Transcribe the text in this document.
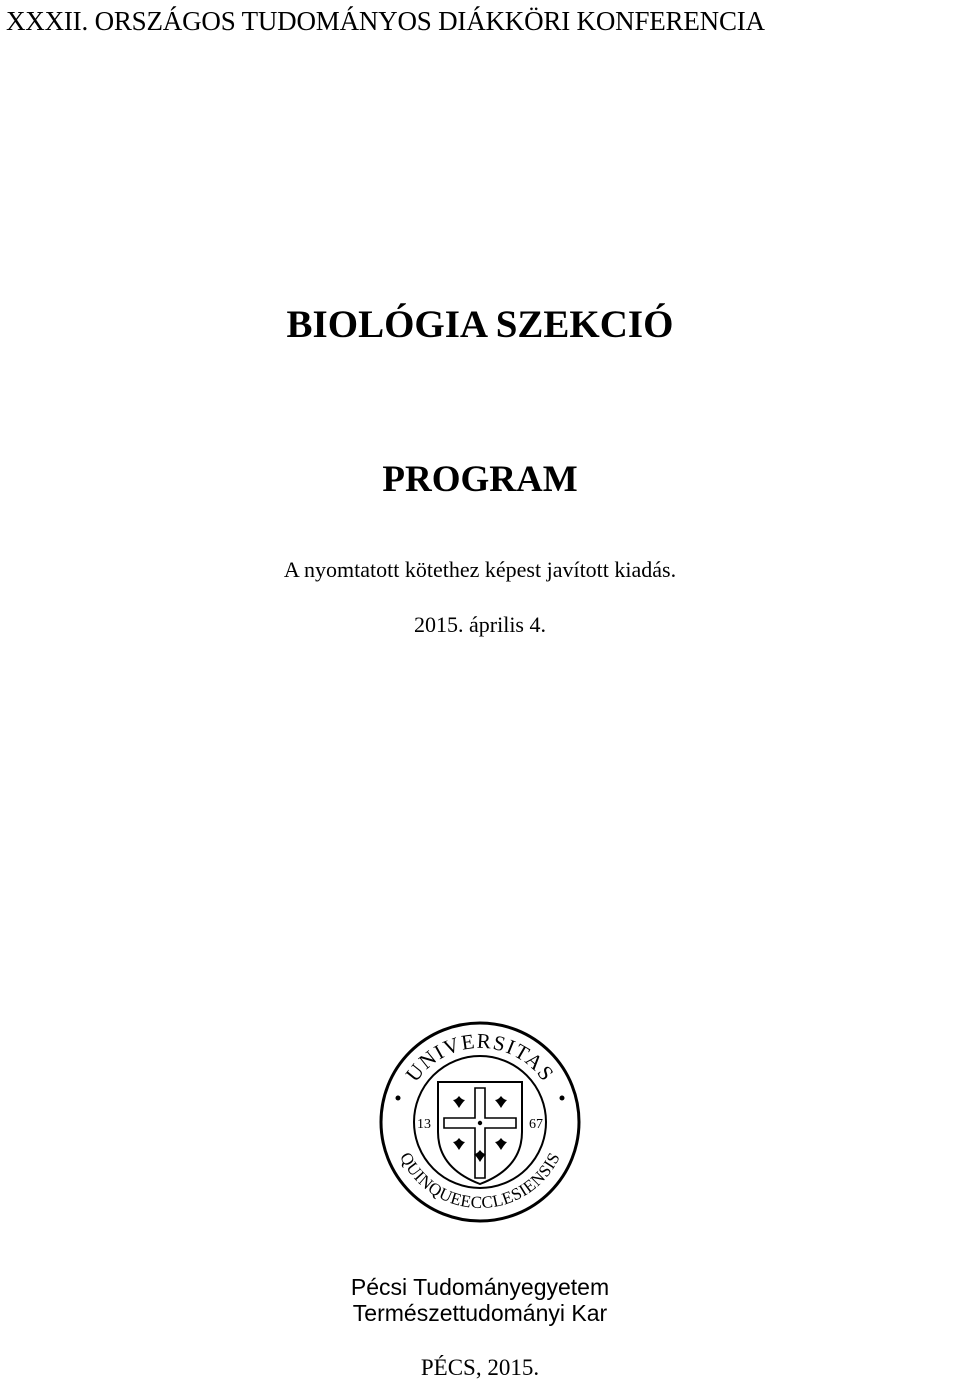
XXXII. ORSZÁGOS TUDOMÁNYOS DIÁKKÖRI KONFERENCIA
BIOLÓGIA SZEKCIÓ
PROGRAM
A nyomtatott kötethez képest javított kiadás.
2015. április 4.
UNIVERSITAS
QUINQUEECCLESIENSIS
13	67
Pécsi Tudományegyetem
Természettudományi Kar
PÉCS, 2015.
